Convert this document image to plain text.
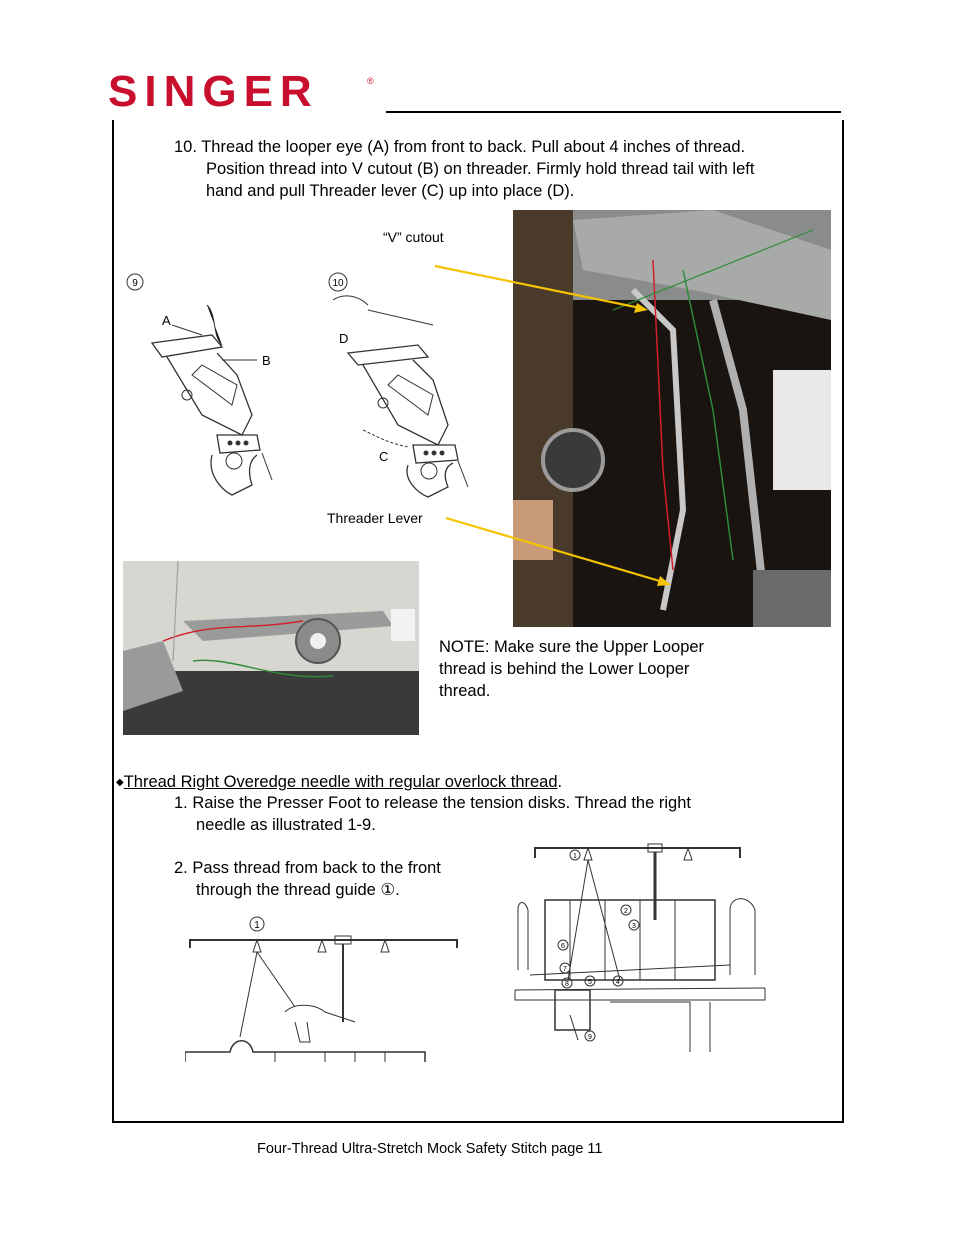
SINGER	®
10. Thread the looper eye (A) from front to back. Pull about 4 inches of thread.
Position thread into V cutout (B) on threader. Firmly hold thread tail with left
hand and pull Threader lever (C) up into place (D).
9
A
B
10
D
C
“V” cutout
Threader Lever
NOTE: Make sure the Upper Looper
thread is behind the Lower Looper
thread.
◆Thread Right Overedge needle with regular overlock thread.
1. Raise the Presser Foot to release the tension disks. Thread the right
needle as illustrated 1-9.
2. Pass thread from back to the front
through the thread guide ①.
1
1
2
3
4
5
6
7
8
9
Four-Thread Ultra-Stretch Mock Safety Stitch page 11
